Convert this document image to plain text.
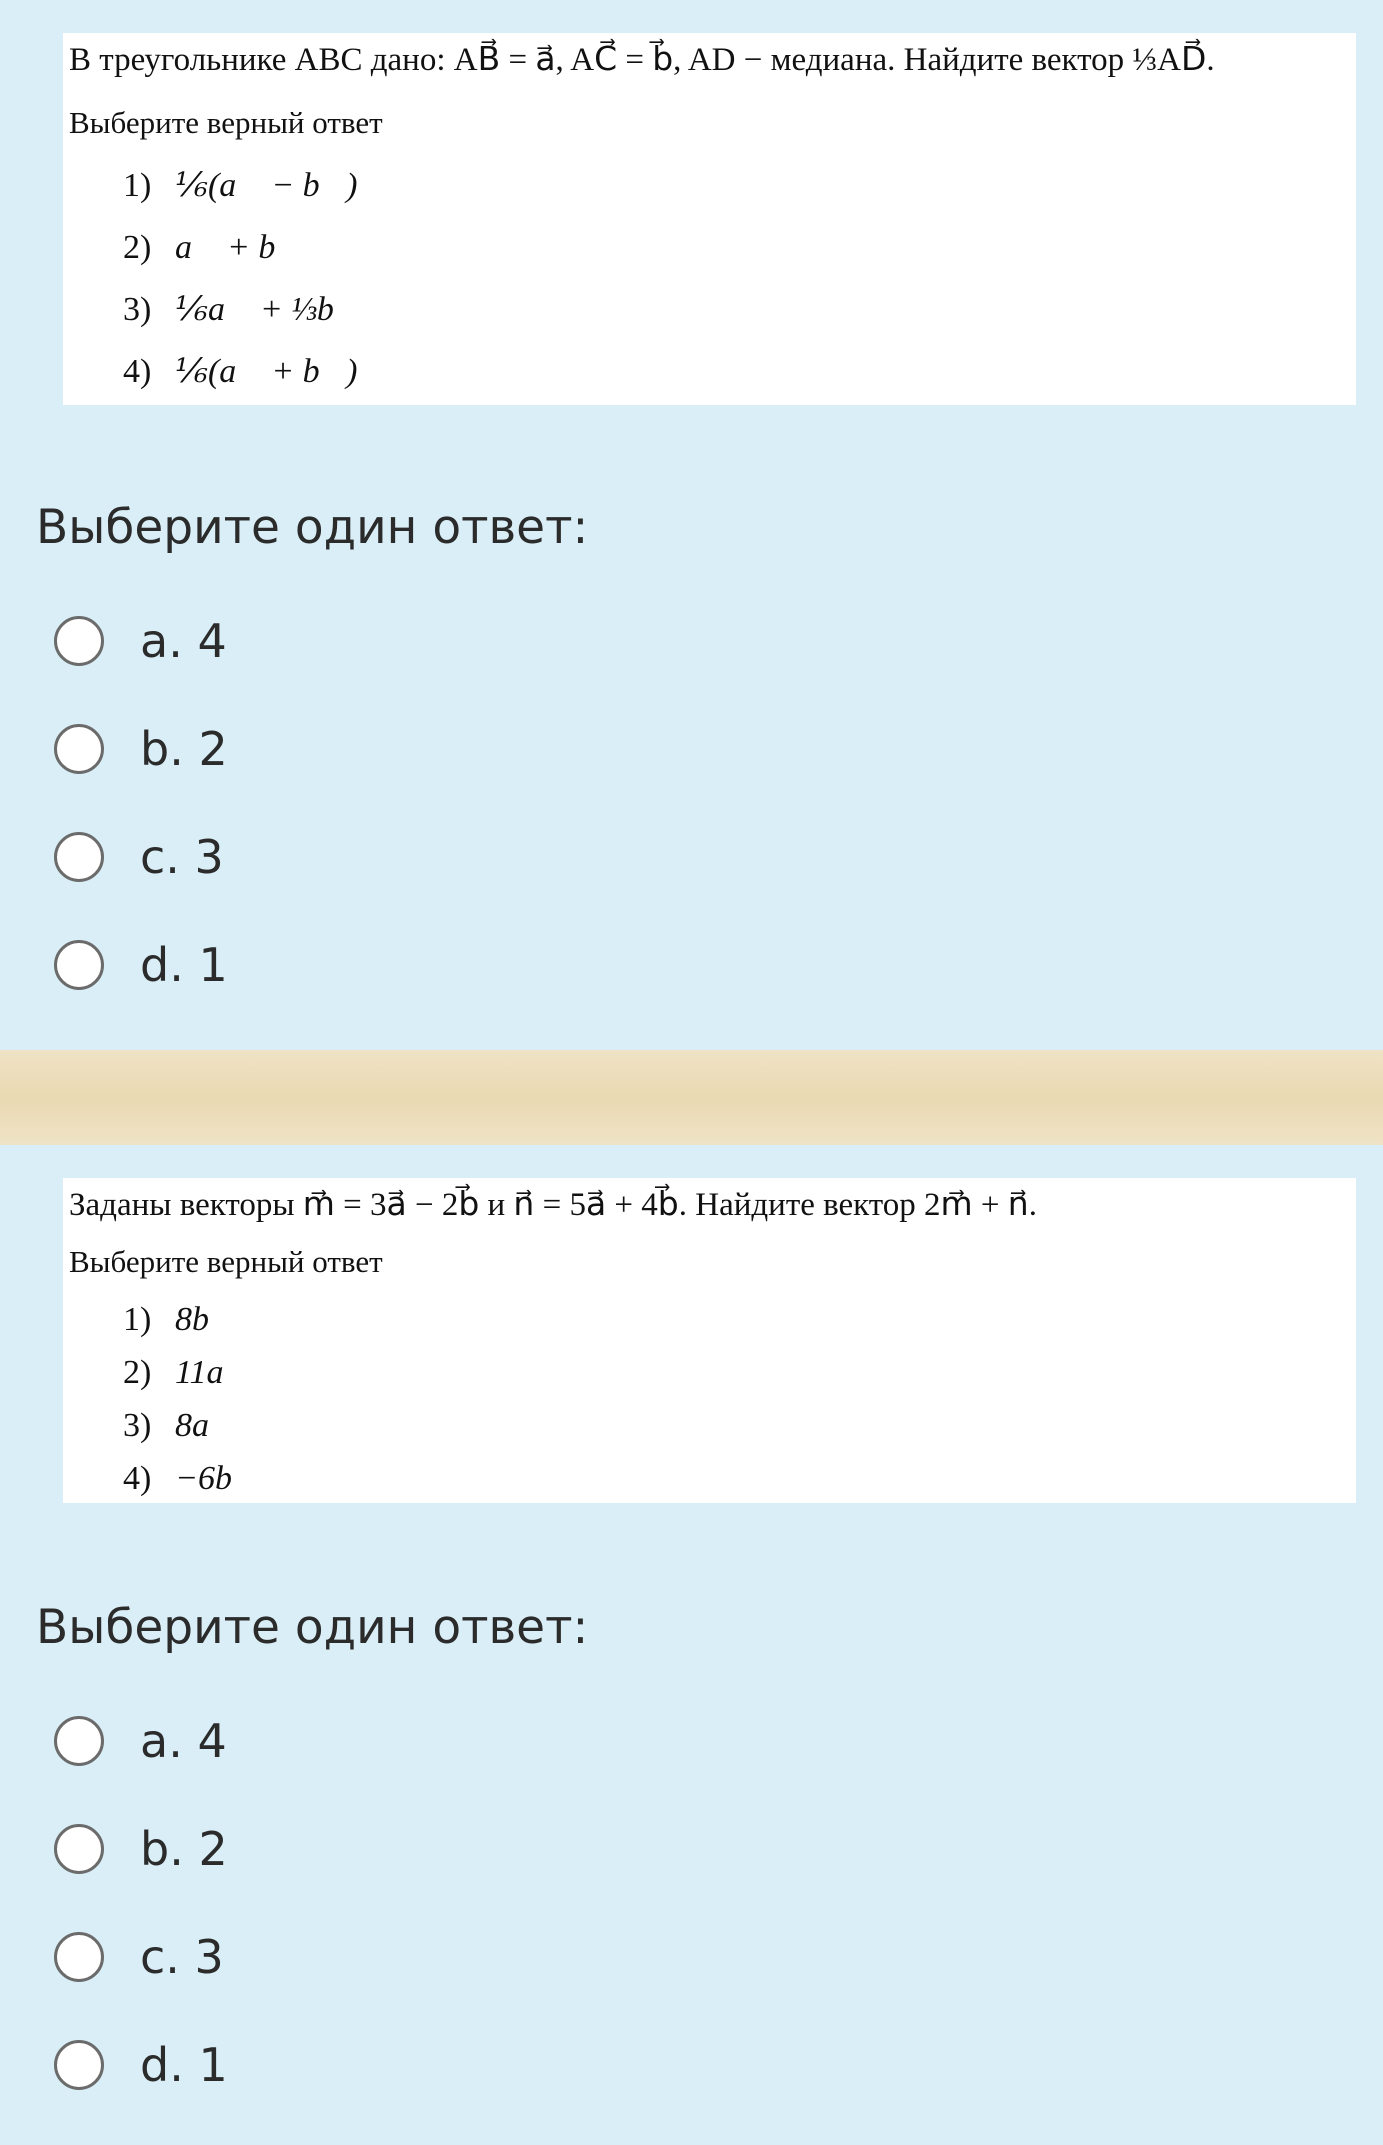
В треугольнике ABC дано: AB⃗ = a⃗, AC⃗ = b⃗, AD − медиана. Найдите вектор ⅓AD⃗.
Выберите верный ответ
1) ⅙(a⃗ − b⃗)
2) a⃗ + b⃗
3) ⅙a⃗ + ⅓b⃗
4) ⅙(a⃗ + b⃗)
Выберите один ответ:
a. 4
b. 2
c. 3
d. 1
Заданы векторы m⃗ = 3a⃗ − 2b⃗ и n⃗ = 5a⃗ + 4b⃗. Найдите вектор 2m⃗ + n⃗.
Выберите верный ответ
1) 8b⃗
2) 11a⃗
3) 8a⃗
4) −6b⃗
Выберите один ответ:
a. 4
b. 2
c. 3
d. 1
